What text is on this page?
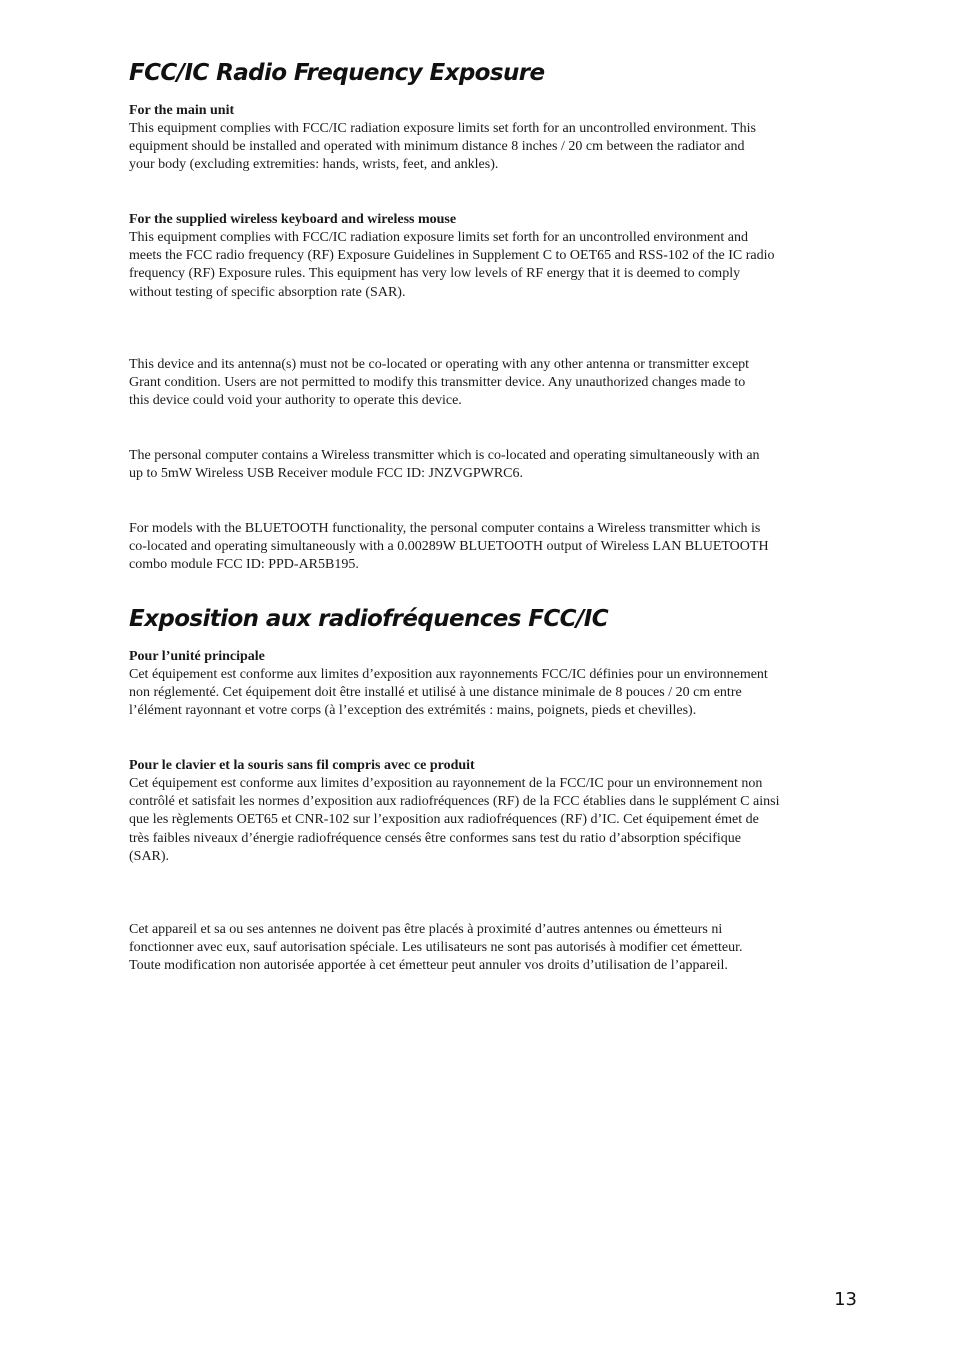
FCC/IC Radio Frequency Exposure
For the main unit
This equipment complies with FCC/IC radiation exposure limits set forth for an uncontrolled environment. This
equipment should be installed and operated with minimum distance 8 inches / 20 cm between the radiator and
your body (excluding extremities: hands, wrists, feet, and ankles).
For the supplied wireless keyboard and wireless mouse
This equipment complies with FCC/IC radiation exposure limits set forth for an uncontrolled environment and
meets the FCC radio frequency (RF) Exposure Guidelines in Supplement C to OET65 and RSS-102 of the IC radio
frequency (RF) Exposure rules. This equipment has very low levels of RF energy that it is deemed to comply
without testing of specific absorption rate (SAR).
This device and its antenna(s) must not be co-located or operating with any other antenna or transmitter except
Grant condition. Users are not permitted to modify this transmitter device. Any unauthorized changes made to
this device could void your authority to operate this device.
The personal computer contains a Wireless transmitter which is co-located and operating simultaneously with an
up to 5mW Wireless USB Receiver module FCC ID: JNZVGPWRC6.
For models with the BLUETOOTH functionality, the personal computer contains a Wireless transmitter which is
co-located and operating simultaneously with a 0.00289W BLUETOOTH output of Wireless LAN BLUETOOTH
combo module FCC ID: PPD-AR5B195.
Exposition aux radiofréquences FCC/IC
Pour l’unité principale
Cet équipement est conforme aux limites d’exposition aux rayonnements FCC/IC définies pour un environnement
non réglementé. Cet équipement doit être installé et utilisé à une distance minimale de 8 pouces / 20 cm entre
l’élément rayonnant et votre corps (à l’exception des extrémités : mains, poignets, pieds et chevilles).
Pour le clavier et la souris sans fil compris avec ce produit
Cet équipement est conforme aux limites d’exposition au rayonnement de la FCC/IC pour un environnement non
contrôlé et satisfait les normes d’exposition aux radiofréquences (RF) de la FCC établies dans le supplément C ainsi
que les règlements OET65 et CNR-102 sur l’exposition aux radiofréquences (RF) d’IC. Cet équipement émet de
très faibles niveaux d’énergie radiofréquence censés être conformes sans test du ratio d’absorption spécifique
(SAR).
Cet appareil et sa ou ses antennes ne doivent pas être placés à proximité d’autres antennes ou émetteurs ni
fonctionner avec eux, sauf autorisation spéciale. Les utilisateurs ne sont pas autorisés à modifier cet émetteur.
Toute modification non autorisée apportée à cet émetteur peut annuler vos droits d’utilisation de l’appareil.
13
